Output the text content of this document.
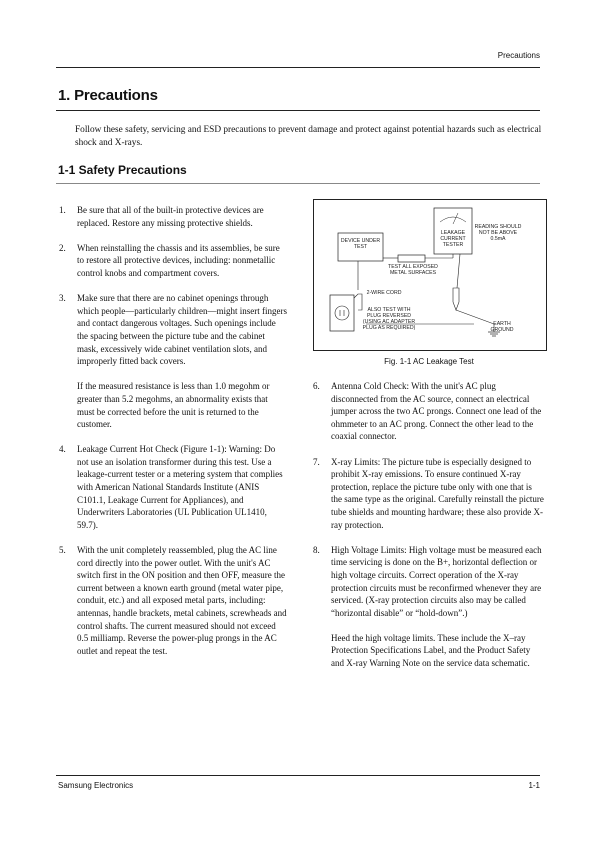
Precautions
1. Precautions

Follow these safety, servicing and ESD precautions to prevent damage and protect against potential hazards such as electrical shock and X-rays.

1-1 Safety Precautions
1. Be sure that all of the built-in protective devices are replaced. Restore any missing protective shields.

2. When reinstalling the chassis and its assemblies, be sure to restore all protective devices, including: nonmetallic control knobs and compartment covers.

3. Make sure that there are no cabinet openings through which people—particularly children—might insert fingers and contact dangerous voltages. Such openings include the spacing between the picture tube and the cabinet mask, excessively wide cabinet ventilation slots, and improperly fitted back covers.

If the measured resistance is less than 1.0 megohm or greater than 5.2 megohms, an abnormality exists that must be corrected before the unit is returned to the customer.

4. Leakage Current Hot Check (Figure 1-1): Warning: Do not use an isolation transformer during this test. Use a leakage-current tester or a metering system that complies with American National Standards Institute (ANIS C101.1, Leakage Current for Appliances), and Underwriters Laboratories (UL Publication UL1410, 59.7).

5. With the unit completely reassembled, plug the AC line cord directly into the power outlet. With the unit's AC switch first in the ON position and then OFF, measure the current between a known earth ground (metal water pipe, conduit, etc.) and all exposed metal parts, including: antennas, handle brackets, metal cabinets, screwheads and control shafts. The current measured should not exceed 0.5 milliamp. Reverse the power-plug prongs in the AC outlet and repeat the test.

DEVICE UNDER TEST
LEAKAGE CURRENT TESTER
READING SHOULD NOT BE ABOVE 0.5mA
TEST ALL EXPOSED METAL SURFACES
2-WIRE CORD
ALSO TEST WITH PLUG REVERSED (USING AC ADAPTER PLUG AS REQUIRED)
EARTH GROUND
Fig. 1-1 AC Leakage Test
6. Antenna Cold Check: With the unit's AC plug disconnected from the AC source, connect an electrical jumper across the two AC prongs. Connect one lead of the ohmmeter to an AC prong. Connect the other lead to the coaxial connector.

7. X-ray Limits: The picture tube is especially designed to prohibit X-ray emissions. To ensure continued X-ray protection, replace the picture tube only with one that is the same type as the original. Carefully reinstall the picture tube shields and mounting hardware; these also provide X-ray protection.

8. High Voltage Limits: High voltage must be measured each time servicing is done on the B+, horizontal deflection or high voltage circuits. Correct operation of the X-ray protection circuits must be reconfirmed whenever they are serviced. (X-ray protection circuits also may be called “horizontal disable” or “hold-down”.)

Heed the high voltage limits. These include the X–ray Protection Specifications Label, and the Product Safety and X-ray Warning Note on the service data schematic.

Samsung Electronics	1-1
